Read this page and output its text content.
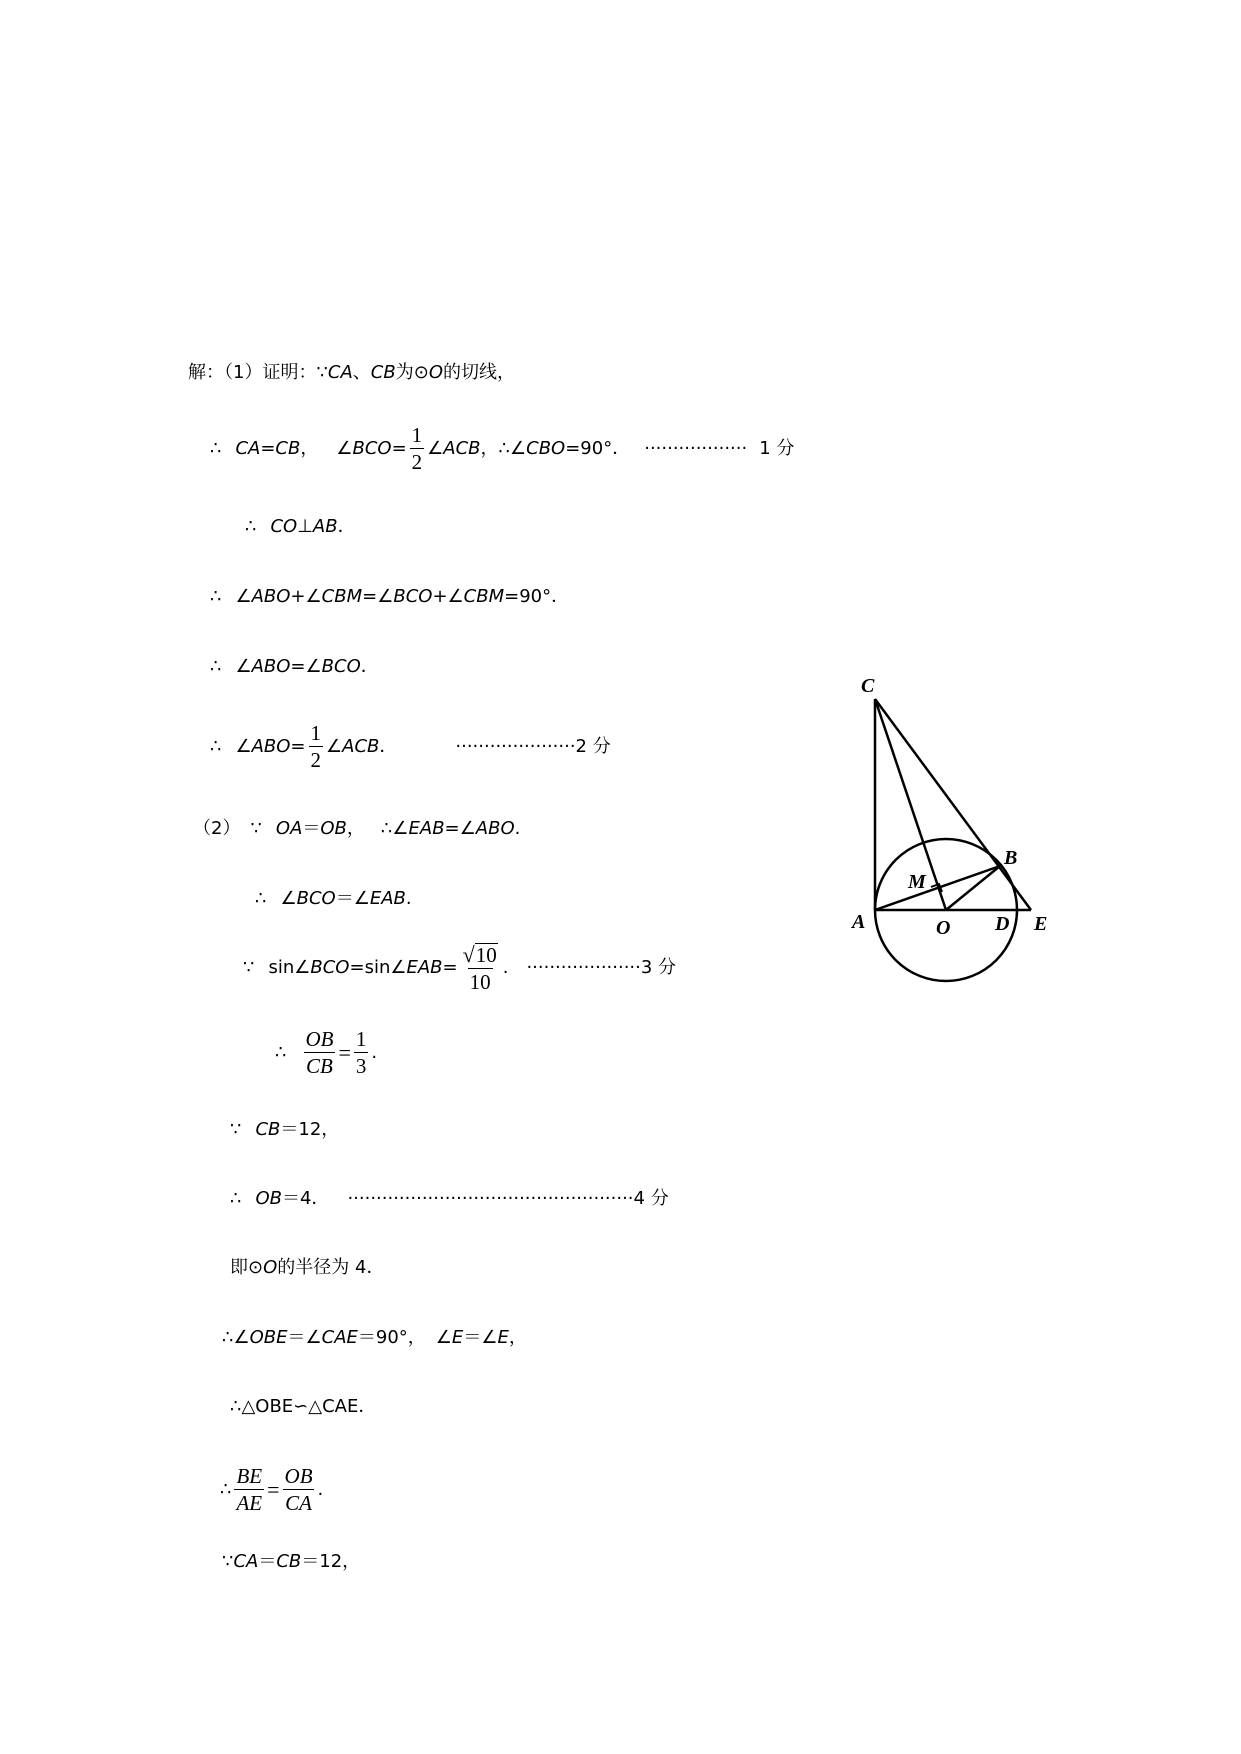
解：（1）证明：∵ CA 、 CB 为⊙ O 的切线，
∴ CA=CB ， ∠BCO= $\frac{1}{2}$ ∠ACB ， ∴ ∠CBO =90°． ·················· 1 分
∴ CO ⊥ AB ．
∴ ∠ABO + ∠CBM = ∠BCO + ∠CBM =90°．
∴ ∠ABO = ∠BCO ．
∴ ∠ABO= $\frac{1}{2}$ ∠ACB ．	····················· 2 分
（2） ∵ OA ＝ OB ， ∴ ∠EAB = ∠ABO .
∴ ∠BCO ＝ ∠EAB .
∵ sin ∠BCO =sin ∠EAB = $\frac{√ 10}{10}$ . ···················· 3 分
∴ $\frac{OB}{CB} = \frac{1}{3}$ .
∵ CB ＝12，
∴ OB ＝4． ·················································· 4 分
即⊙ O 的半径为 4．
∴ ∠OBE ＝ ∠CAE ＝90°， ∠E ＝ ∠E ，
∴△OBE∽△CAE．
∴ $\frac{BE}{AE} = \frac{OB}{CA}$ .
∵ CA ＝ CB ＝12，
C
B
M
A	O D E
